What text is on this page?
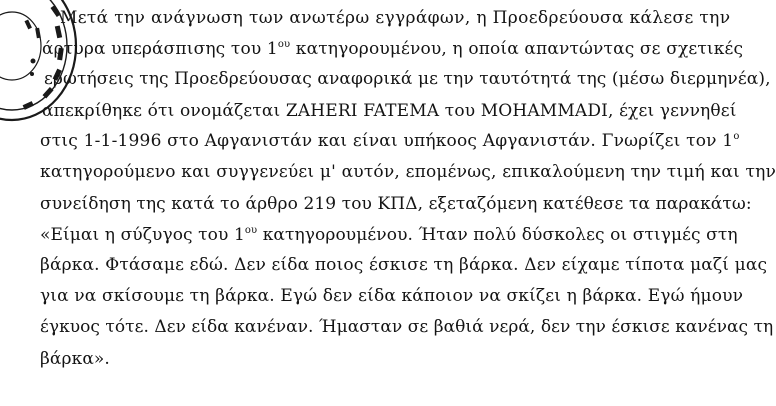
Μετά την ανάγνωση των ανωτέρω εγγράφων, η Προεδρεύουσα κάλεσε την
άρτυρα υπεράσπισης του $1^{o\upsilon}$ κατηγορουμένου, η οποία απαντώντας σε σχετικές
ερωτήσεις της Προεδρεύουσας αναφορικά με την ταυτότητά της (μέσω διερμηνέα),
απεκρίθηκε ότι ονομάζεται ZAHERI FATEMA του MOHAMMADI, έχει γεννηθεί
στις 1-1-1996 στο Αφγανιστάν και είναι υπήκοος Αφγανιστάν. Γνωρίζει τον $1^o$
κατηγορούμενο και συγγενεύει μ' αυτόν, επομένως, επικαλούμενη την τιμή και την
συνείδηση της κατά το άρθρο 219 του ΚΠΔ, εξεταζόμενη κατέθεσε τα παρακάτω:
«Είμαι η σύζυγος του $1^{o\upsilon}$ κατηγορουμένου. Ήταν πολύ δύσκολες οι στιγμές στη
βάρκα. Φτάσαμε εδώ. Δεν είδα ποιος έσκισε τη βάρκα. Δεν είχαμε τίποτα μαζί μας
για να σκίσουμε τη βάρκα. Εγώ δεν είδα κάποιον να σκίζει η βάρκα. Εγώ ήμουν
έγκυος τότε. Δεν είδα κανέναν. Ήμασταν σε βαθιά νερά, δεν την έσκισε κανένας τη
βάρκα».
